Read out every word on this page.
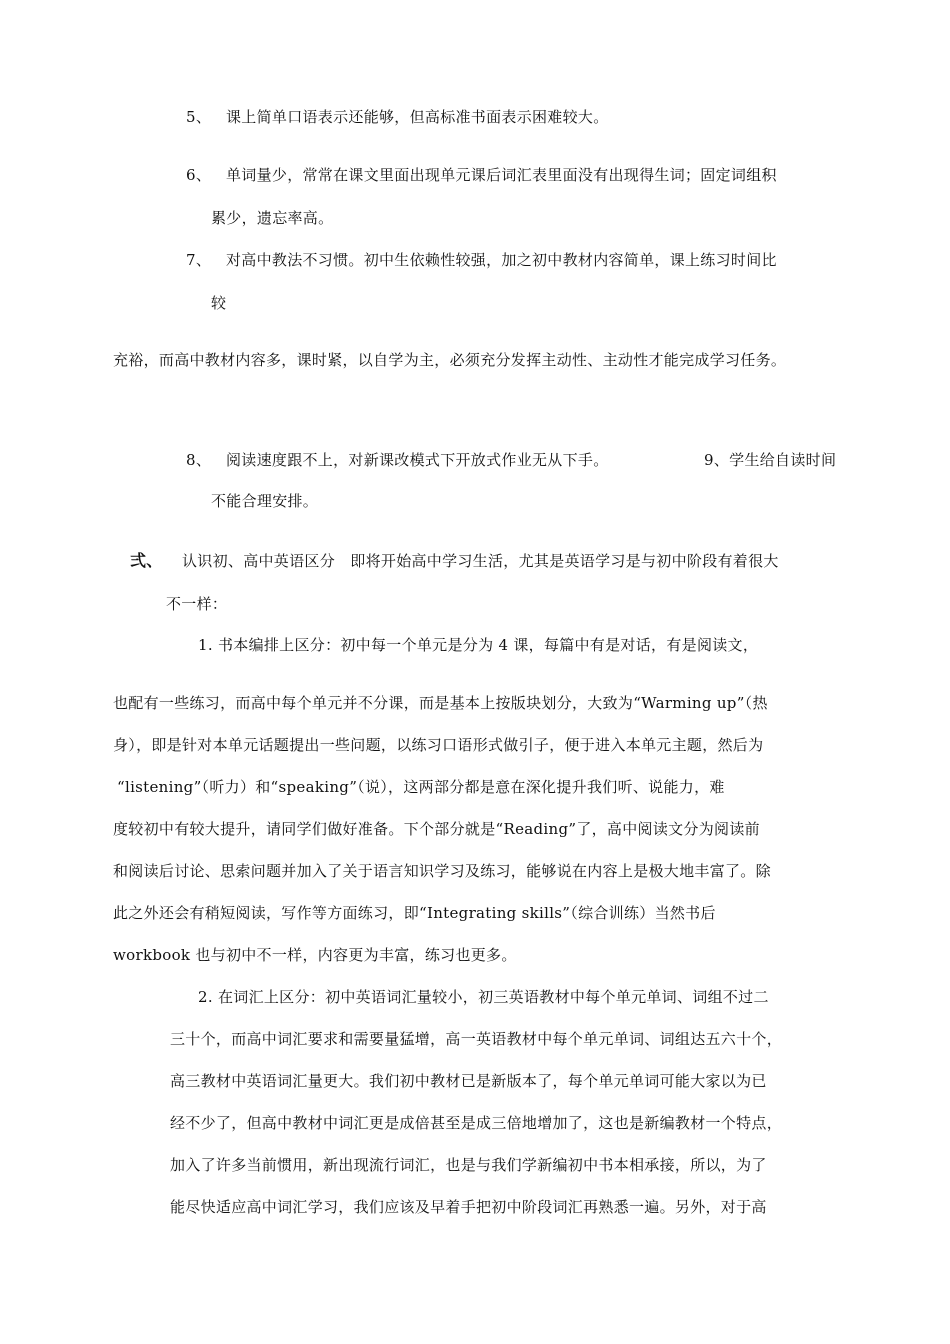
5、 课上简单口语表示还能够，但高标准书面表示困难较大。
6、 单词量少，常常在课文里面出现单元课后词汇表里面没有出现得生词；固定词组积
累少，遗忘率高。
7、 对高中教法不习惯。初中生依赖性较强，加之初中教材内容简单，课上练习时间比
较
充裕，而高中教材内容多，课时紧，以自学为主，必须充分发挥主动性、主动性才能完成学习任务。
8、 阅读速度跟不上，对新课改模式下开放式作业无从下手。	9、学生给自读时间
不能合理安排。
弍、 认识初、高中英语区分　即将开始高中学习生活，尤其是英语学习是与初中阶段有着很大
不一样：
1. 书本编排上区分：初中每一个单元是分为 4 课，每篇中有是对话，有是阅读文，
也配有一些练习，而高中每个单元并不分课，而是基本上按版块划分，大致为“Warming up”（热
身），即是针对本单元话题提出一些问题，以练习口语形式做引子，便于进入本单元主题，然后为
“listening”（听力）和“speaking”（说），这两部分都是意在深化提升我们听、说能力，难
度较初中有较大提升，请同学们做好准备。下个部分就是“Reading”了，高中阅读文分为阅读前
和阅读后讨论、思索问题并加入了关于语言知识学习及练习，能够说在内容上是极大地丰富了。除
此之外还会有稍短阅读，写作等方面练习，即“Integrating skills”（综合训练）当然书后
workbook 也与初中不一样，内容更为丰富，练习也更多。
2. 在词汇上区分：初中英语词汇量较小，初三英语教材中每个单元单词、词组不过二
三十个，而高中词汇要求和需要量猛增，高一英语教材中每个单元单词、词组达五六十个，
高三教材中英语词汇量更大。我们初中教材已是新版本了，每个单元单词可能大家以为已
经不少了，但高中教材中词汇更是成倍甚至是成三倍地增加了，这也是新编教材一个特点，
加入了许多当前惯用，新出现流行词汇，也是与我们学新编初中书本相承接，所以，为了
能尽快适应高中词汇学习，我们应该及早着手把初中阶段词汇再熟悉一遍。另外，对于高
